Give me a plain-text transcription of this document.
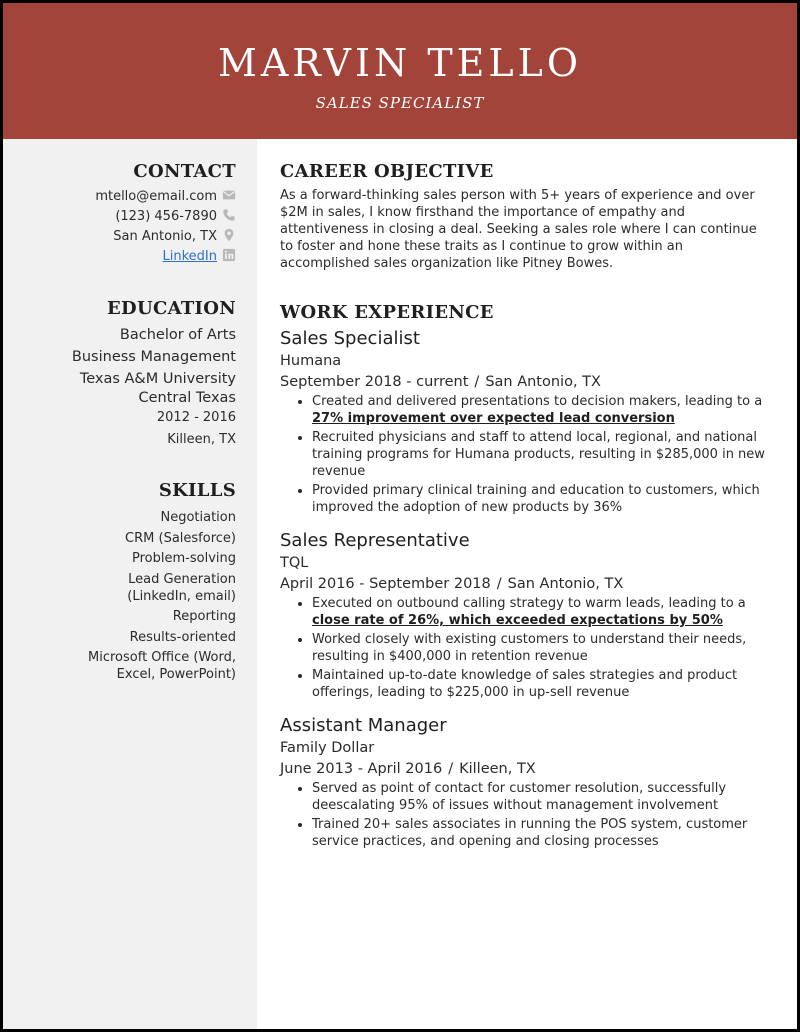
MARVIN TELLO
SALES SPECIALIST
CONTACT
mtello@email.com
(123) 456-7890
San Antonio, TX
LinkedIn
EDUCATION
Bachelor of Arts
Business Management
Texas A&M University
Central Texas
2012 - 2016
Killeen, TX
SKILLS
Negotiation
CRM (Salesforce)
Problem-solving
Lead Generation (LinkedIn, email)
Reporting
Results-oriented
Microsoft Office (Word, Excel, PowerPoint)
CAREER OBJECTIVE

As a forward-thinking sales person with 5+ years of experience and over $2M in sales, I know firsthand the importance of empathy and attentiveness in closing a deal. Seeking a sales role where I can continue to foster and hone these traits as I continue to grow within an accomplished sales organization like Pitney Bowes.

WORK EXPERIENCE
Sales Specialist
Humana
September 2018 - current / San Antonio, TX
• Created and delivered presentations to decision makers, leading to a 27% improvement over expected lead conversion
• Recruited physicians and staff to attend local, regional, and national training programs for Humana products, resulting in $285,000 in new revenue
• Provided primary clinical training and education to customers, which improved the adoption of new products by 36%
Sales Representative
TQL
April 2016 - September 2018 / San Antonio, TX
• Executed on outbound calling strategy to warm leads, leading to a close rate of 26%, which exceeded expectations by 50%
• Worked closely with existing customers to understand their needs, resulting in $400,000 in retention revenue
• Maintained up-to-date knowledge of sales strategies and product offerings, leading to $225,000 in up-sell revenue
Assistant Manager
Family Dollar
June 2013 - April 2016 / Killeen, TX
• Served as point of contact for customer resolution, successfully deescalating 95% of issues without management involvement
• Trained 20+ sales associates in running the POS system, customer service practices, and opening and closing processes
